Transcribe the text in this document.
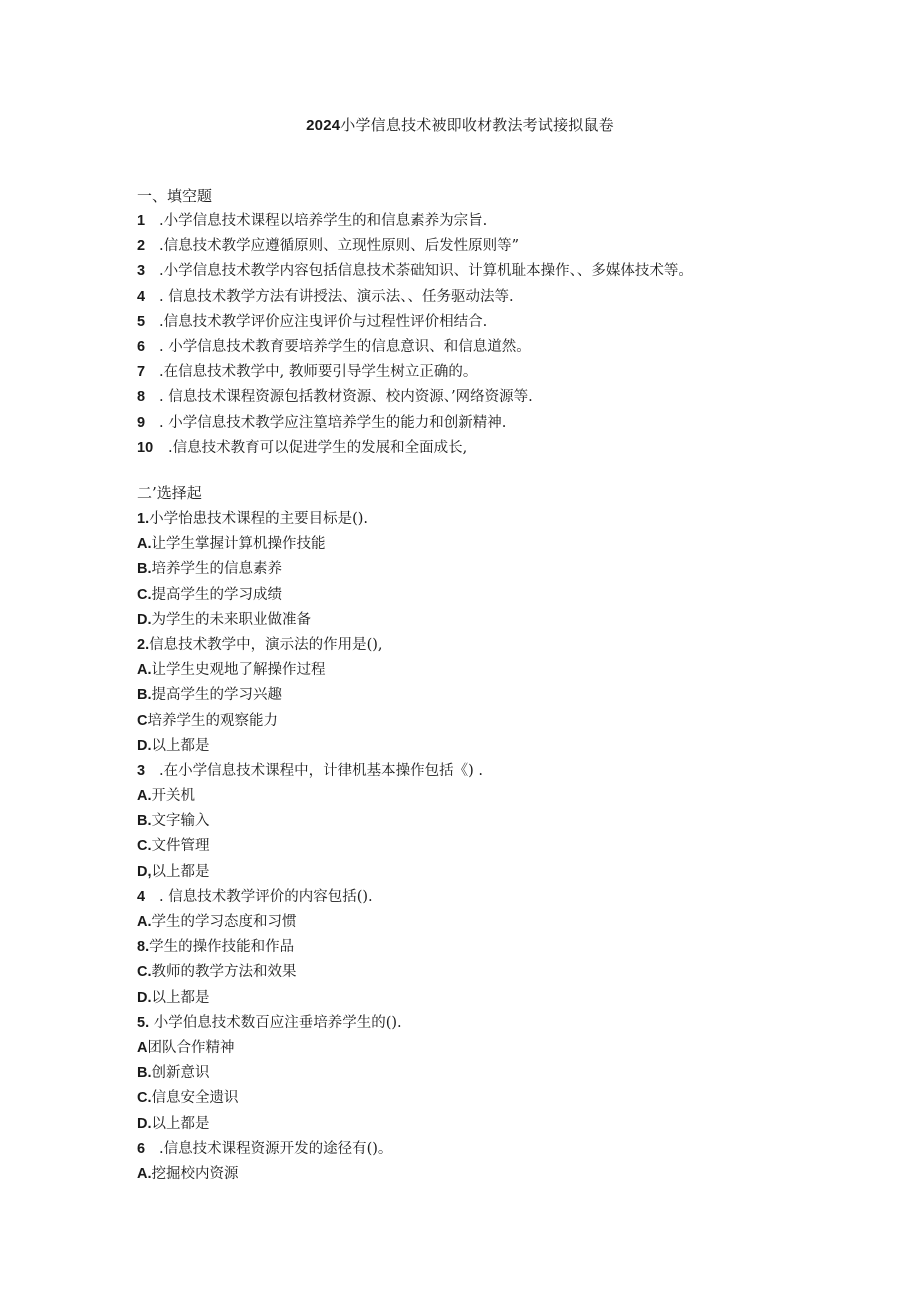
2024小学信息技术被即收材教法考试接拟鼠卷
一、填空题
1 .小学信息技术课程以培养学生的和信息素养为宗旨.
2 .信息技术教学应遵循原则、立现性原则、后发性原则等”
3 .小学信息技术教学内容包括信息技术荼础知识、计算机耻本操作、、多媒体技术等。
4 . 信息技术教学方法有讲授法、演示法、、任务驱动法等.
5 .信息技术教学评价应注曳评价与过程性评价相结合.
6 . 小学信息技术教育要培养学生的信息意识、和信息道然。
7 .在信息技术教学中, 教师要引导学生树立正确的。
8 . 信息技术课程资源包括教材资源、校内资源、’网络资源等.
9 . 小学信息技术教学应注篁培养学生的能力和创新精神.
10 .信息技术教育可以促进学生的发展和全面成长,
二’选择起
1.小学怡患技术课程的主要目标是().
A.让学生掌握计算机操作技能
B.培养学生的信息素养
C.提高学生的学习成绩
D.为学生的未来职业做准备
2.信息技术教学中，演示法的作用是(),
A.让学生史观地了解操作过程
B.提高学生的学习兴趣
C培养学生的观察能力
D.以上都是
3 .在小学信息技术课程中，计律机基本操作包括《) .
A.开关机
B.文字输入
C.文件管理
D,以上都是
4 . 信息技术教学评价的内容包括().
A.学生的学习态度和习惯
8.学生的操作技能和作品
C.教师的教学方法和效果
D.以上都是
5. 小学伯息技术数百应注垂培养学生的().
A团队合作精神
B.创新意识
C.信息安全遗识
D.以上都是
6 .信息技术课程资源开发的途径有()。
A.挖掘校内资源
